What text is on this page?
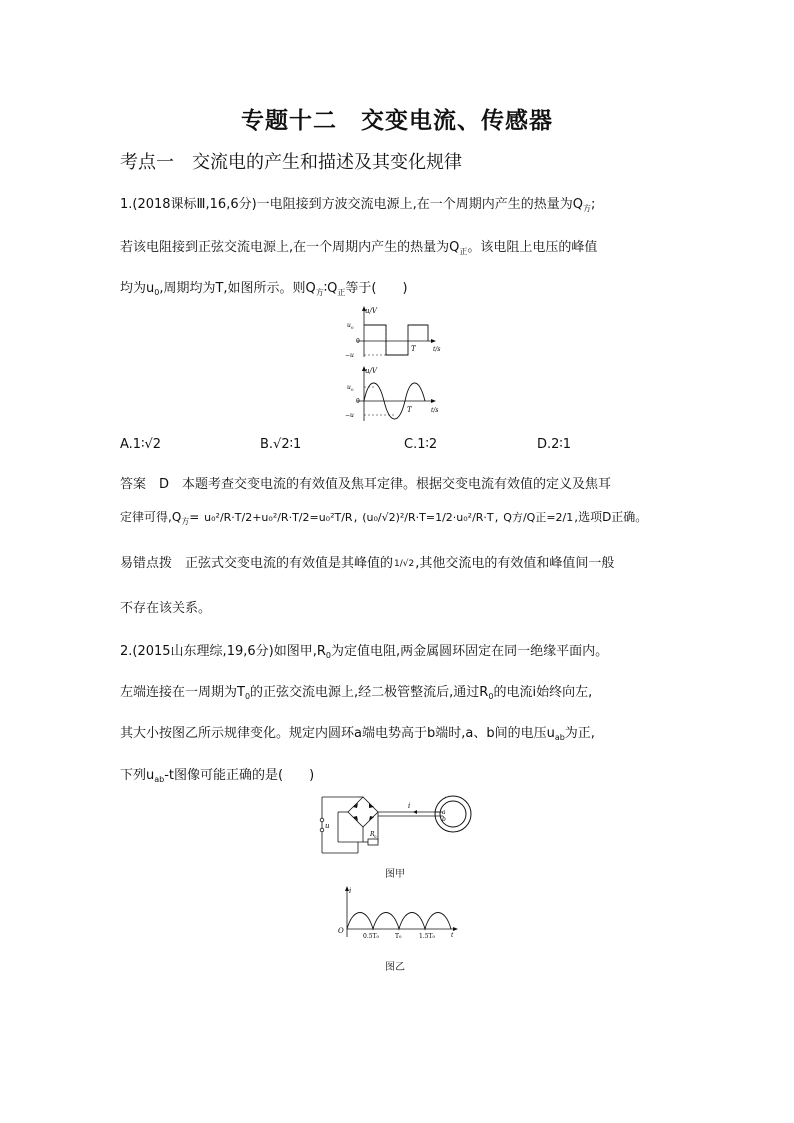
专题十二　交变电流、传感器
考点一　交流电的产生和描述及其变化规律
1.(2018课标Ⅲ,16,6分)一电阻接到方波交流电源上,在一个周期内产生的热量为$Q_方$;
若该电阻接到正弦交流电源上,在一个周期内产生的热量为$Q_正$。该电阻上电压的峰值
均为$u_0$,周期均为T,如图所示。则$Q_方∶Q_正$等于(　　)
u/V
u 0
0
−u
T	t/s
u/V
u 0
0
−u
T	t/s
A.1∶√2	B.√2∶1	C.1∶2	D.2∶1
答案　D　本题考查交变电流的有效值及焦耳定律。根据交变电流有效值的定义及焦耳
定律可得$,Q_方= u_0^2/R\cdot T/2+u_0^2/R\cdot T/2=u_0^2T/R$, (u₀/√2)²/R·T=1/2·u₀²/R·T, Q方/Q正=2/1,选项D正确。
易错点拨　正弦式交变电流的有效值是其峰值的1/√2,其他交流电的有效值和峰值间一般
不存在该关系。
2.(2015山东理综,19,6分)如图甲$,R_0$为定值电阻,两金属圆环固定在同一绝缘平面内。
左端连接在一周期为$T_0$的正弦交流电源上,经二极管整流后,通过$R_0$的电流i始终向左,
其大小按图乙所示规律变化。规定内圆环a端电势高于b端时,a、b间的电压$u_{ab}$为正,
下列$u_{ab}-t$图像可能正确的是(　　)
u
R 0
i
a
b
图甲
i
O
0.5T₀	T₀	1.5T₀	t
图乙
